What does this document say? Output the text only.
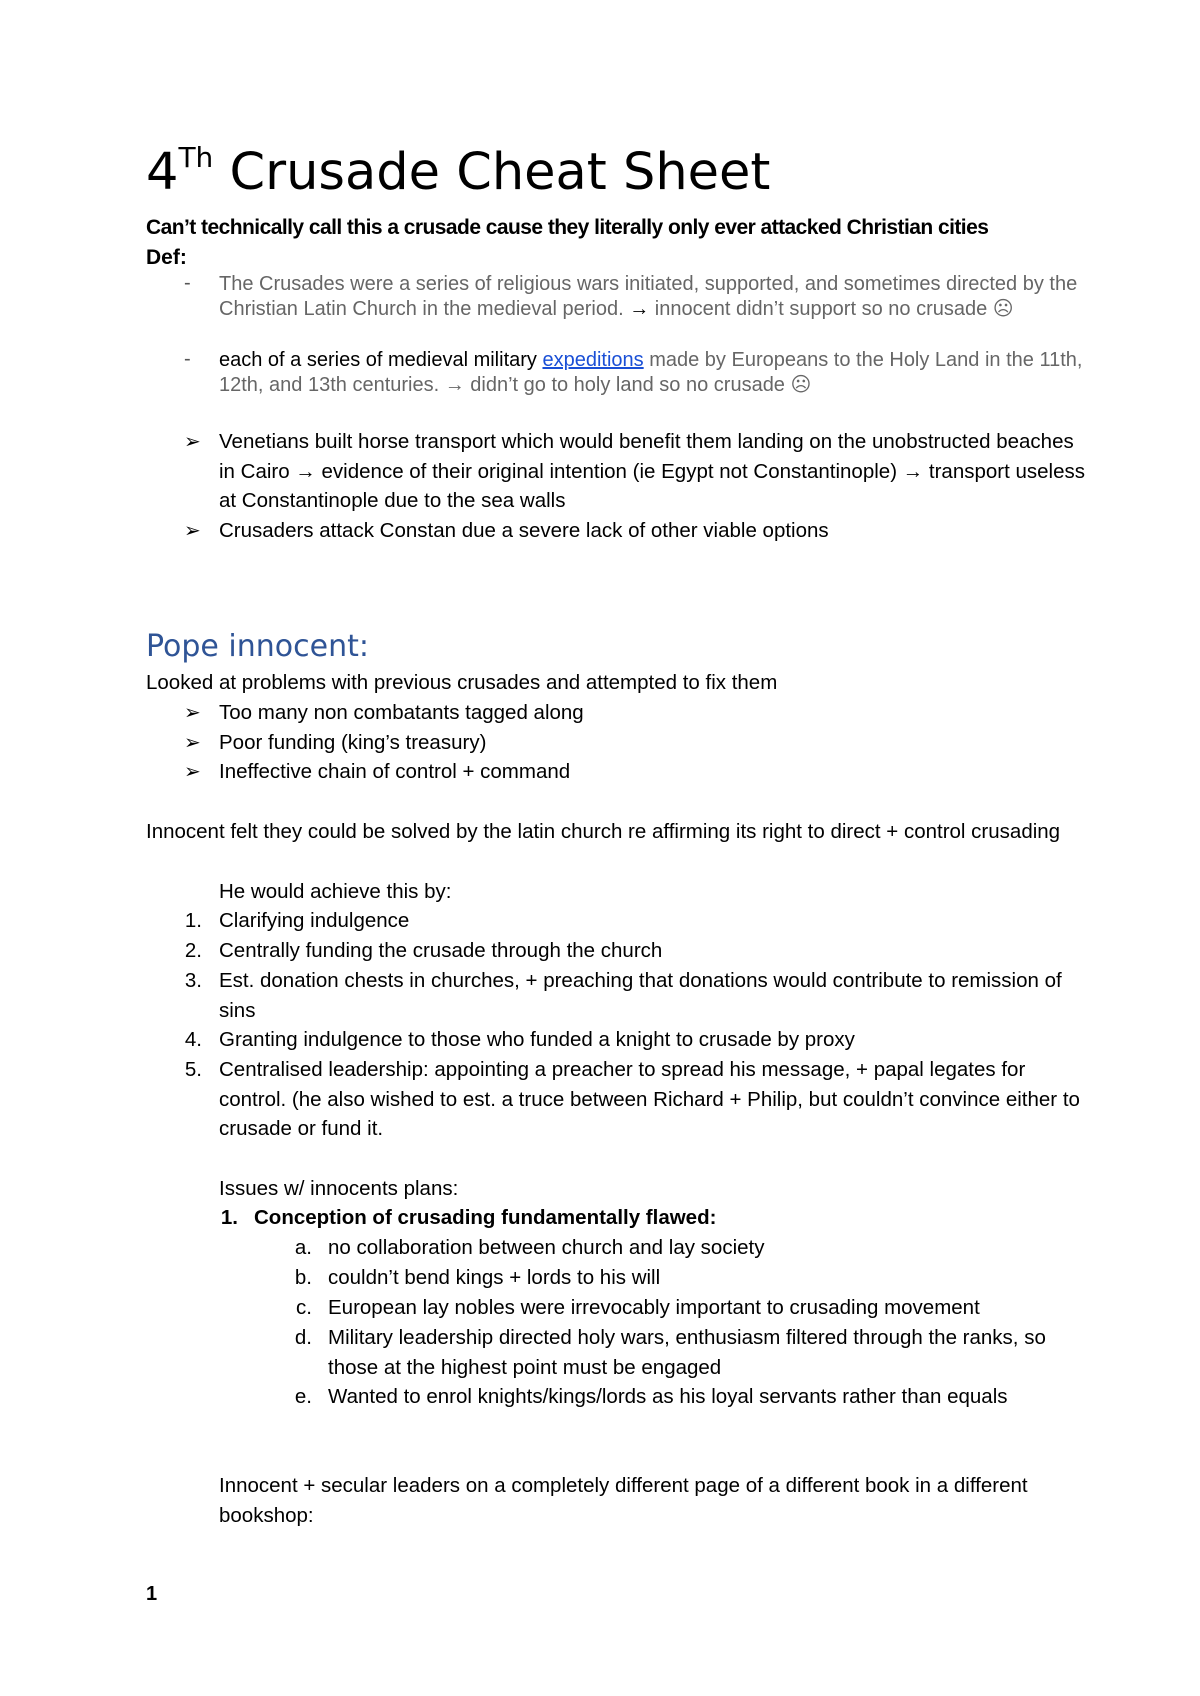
4Th Crusade Cheat Sheet
Can’t technically call this a crusade cause they literally only ever attacked Christian cities
Def:
- The Crusades were a series of religious wars initiated, supported, and sometimes directed by the Christian Latin Church in the medieval period. → innocent didn’t support so no crusade ☹
- each of a series of medieval military expeditions made by Europeans to the Holy Land in the 11th, 12th, and 13th centuries. → didn’t go to holy land so no crusade ☹
➢ Venetians built horse transport which would benefit them landing on the unobstructed beaches in Cairo → evidence of their original intention (ie Egypt not Constantinople) → transport useless at Constantinople due to the sea walls
➢ Crusaders attack Constan due a severe lack of other viable options
Pope innocent:
Looked at problems with previous crusades and attempted to fix them
➢ Too many non combatants tagged along
➢ Poor funding (king’s treasury)
➢ Ineffective chain of control + command
Innocent felt they could be solved by the latin church re affirming its right to direct + control crusading
He would achieve this by:
1. Clarifying indulgence
2. Centrally funding the crusade through the church
3. Est. donation chests in churches, + preaching that donations would contribute to remission of sins
4. Granting indulgence to those who funded a knight to crusade by proxy
5. Centralised leadership: appointing a preacher to spread his message, + papal legates for control. (he also wished to est. a truce between Richard + Philip, but couldn’t convince either to crusade or fund it.
Issues w/ innocents plans:
1. Conception of crusading fundamentally flawed:
a. no collaboration between church and lay society
b. couldn’t bend kings + lords to his will
c. European lay nobles were irrevocably important to crusading movement
d. Military leadership directed holy wars, enthusiasm filtered through the ranks, so those at the highest point must be engaged
e. Wanted to enrol knights/kings/lords as his loyal servants rather than equals
Innocent + secular leaders on a completely different page of a different book in a different bookshop:
1
